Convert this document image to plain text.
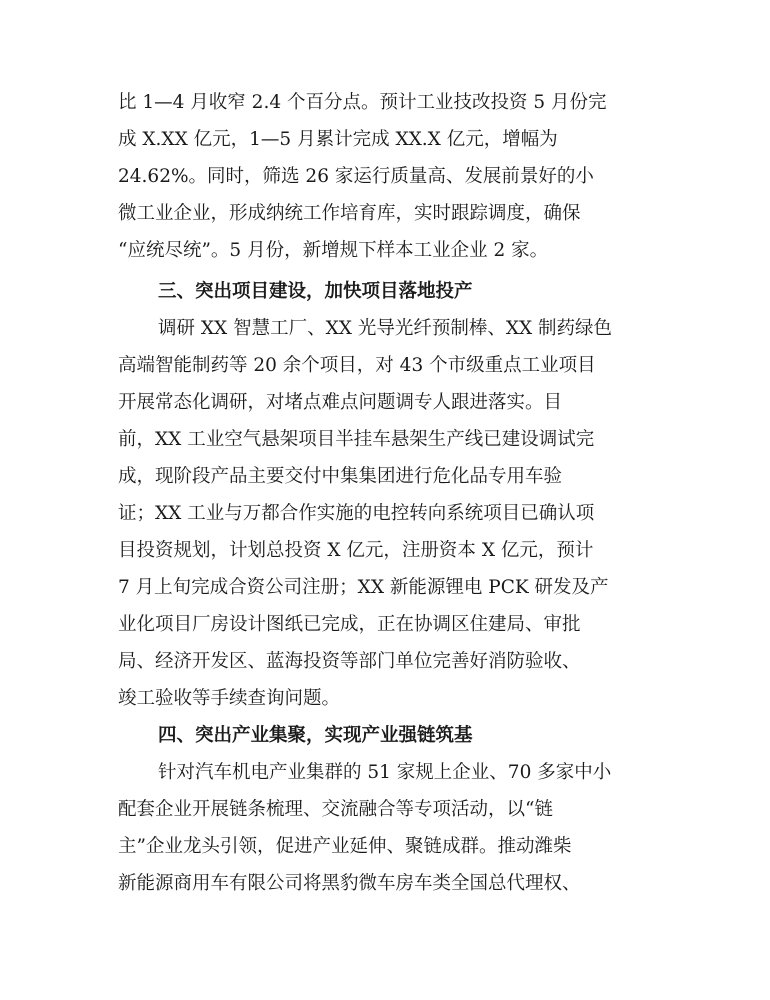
比 1—4 月收窄 2.4 个百分点。预计工业技改投资 5 月份完
成 X.XX 亿元，1—5 月累计完成 XX.X 亿元，增幅为
24.62%。同时，筛选 26 家运行质量高、发展前景好的小
微工业企业，形成纳统工作培育库，实时跟踪调度，确保
“应统尽统”。5 月份，新增规下样本工业企业 2 家。
三、突出项目建设，加快项目落地投产
调研 XX 智慧工厂、XX 光导光纤预制棒、XX 制药绿色
高端智能制药等 20 余个项目，对 43 个市级重点工业项目
开展常态化调研，对堵点难点问题调专人跟进落实。目
前，XX 工业空气悬架项目半挂车悬架生产线已建设调试完
成，现阶段产品主要交付中集集团进行危化品专用车验
证；XX 工业与万都合作实施的电控转向系统项目已确认项
目投资规划，计划总投资 X 亿元，注册资本 X 亿元，预计
7 月上旬完成合资公司注册；XX 新能源锂电 PCK 研发及产
业化项目厂房设计图纸已完成，正在协调区住建局、审批
局、经济开发区、蓝海投资等部门单位完善好消防验收、
竣工验收等手续查询问题。
四、突出产业集聚，实现产业强链筑基
针对汽车机电产业集群的 51 家规上企业、70 多家中小
配套企业开展链条梳理、交流融合等专项活动，以“链
主”企业龙头引领，促进产业延伸、聚链成群。推动潍柴
新能源商用车有限公司将黑豹微车房车类全国总代理权、
